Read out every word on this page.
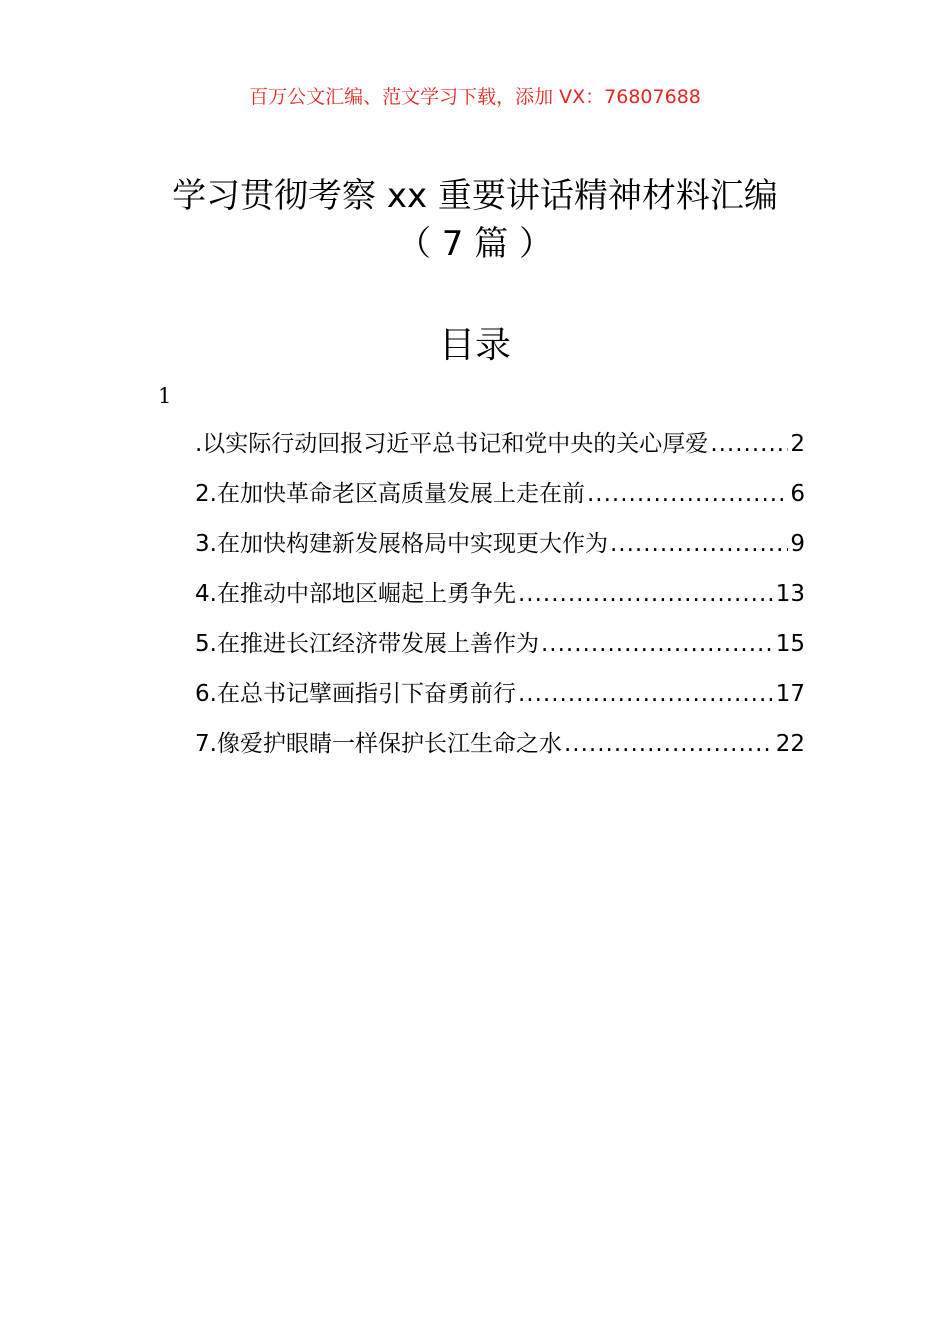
百万公文汇编、范文学习下载，添加 VX：76807688
学习贯彻考察 xx 重要讲话精神材料汇编
（ 7 篇 ）
目录
1
.以实际行动回报习近平总书记和党中央的关心厚爱 .....	2
2.在加快革命老区高质量发展上走在前 .....	6
3.在加快构建新发展格局中实现更大作为 .....	9
4.在推动中部地区崛起上勇争先 .....	13
5.在推进长江经济带发展上善作为 .....	15
6.在总书记擘画指引下奋勇前行 .....	17
7.像爱护眼睛一样保护长江生命之水 .....	22
